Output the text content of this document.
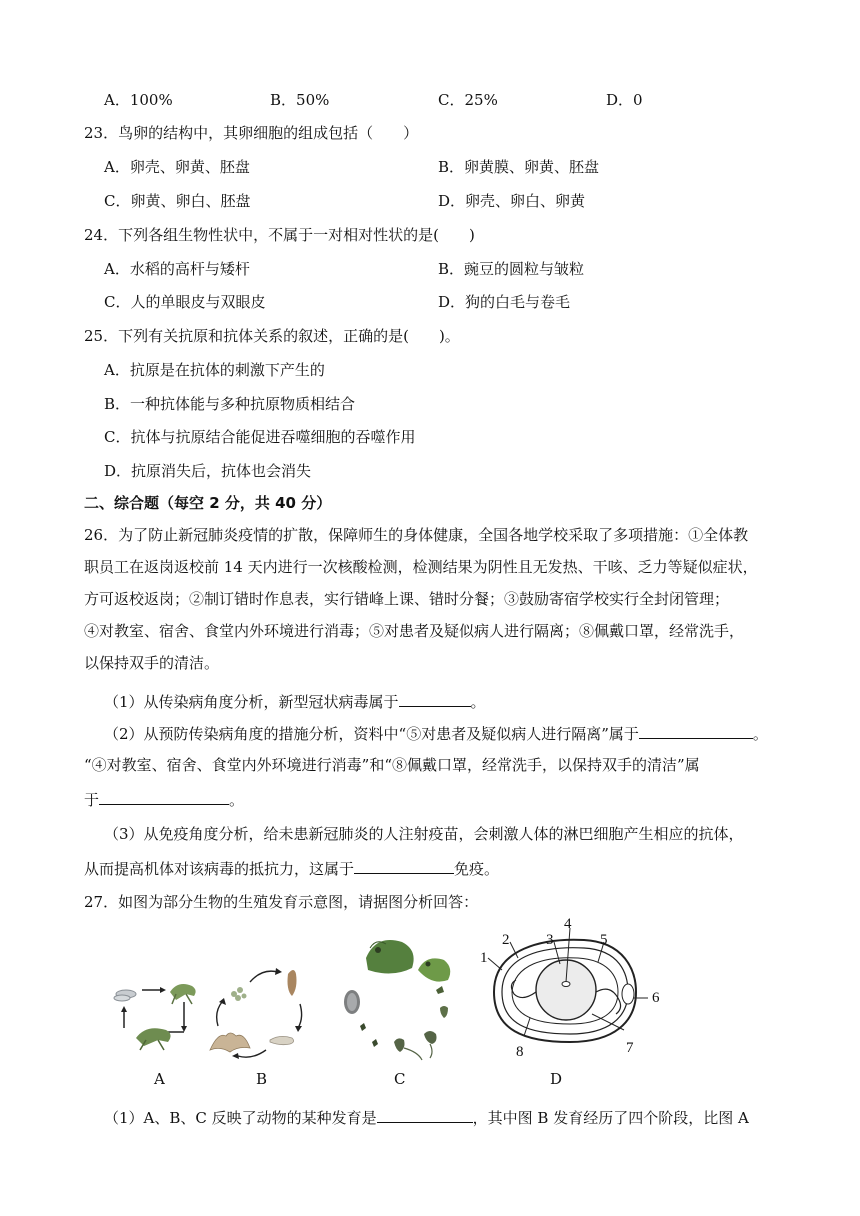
A．100%	B．50%	C．25%	D．0
23．鸟卵的结构中，其卵细胞的组成包括（　　）
A．卵壳、卵黄、胚盘	B．卵黄膜、卵黄、胚盘
C．卵黄、卵白、胚盘	D．卵壳、卵白、卵黄
24．下列各组生物性状中，不属于一对相对性状的是(　　)
A．水稻的高杆与矮杆	B．豌豆的圆粒与皱粒
C．人的单眼皮与双眼皮	D．狗的白毛与卷毛
25．下列有关抗原和抗体关系的叙述，正确的是(　　)。
A．抗原是在抗体的刺激下产生的
B．一种抗体能与多种抗原物质相结合
C．抗体与抗原结合能促进吞噬细胞的吞噬作用
D．抗原消失后，抗体也会消失
二、综合题（每空 2 分，共 40 分）
26．为了防止新冠肺炎疫情的扩散，保障师生的身体健康，全国各地学校采取了多项措施：①全体教
职员工在返岗返校前 14 天内进行一次核酸检测，检测结果为阴性且无发热、干咳、乏力等疑似症状，
方可返校返岗；②制订错时作息表，实行错峰上课、错时分餐；③鼓励寄宿学校实行全封闭管理；
④对教室、宿舍、食堂内外环境进行消毒；⑤对患者及疑似病人进行隔离；⑧佩戴口罩，经常洗手，
以保持双手的清洁。
（1）从传染病角度分析，新型冠状病毒属于	。
（2）从预防传染病角度的措施分析，资料中“⑤对患者及疑似病人进行隔离”属于	。
“④对教室、宿舍、食堂内外环境进行消毒”和“⑧佩戴口罩，经常洗手，以保持双手的清洁”属
于	。
（3）从免疫角度分析，给未患新冠肺炎的人注射疫苗，会刺激人体的淋巴细胞产生相应的抗体，
从而提高机体对该病毒的抵抗力，这属于	免疫。
27．如图为部分生物的生殖发育示意图，请据图分析回答：
A	B	C
1
2 3
4
5
6
7
8
D
（1）A、B、C 反映了动物的某种发育是	，其中图 B 发育经历了四个阶段，比图 A
